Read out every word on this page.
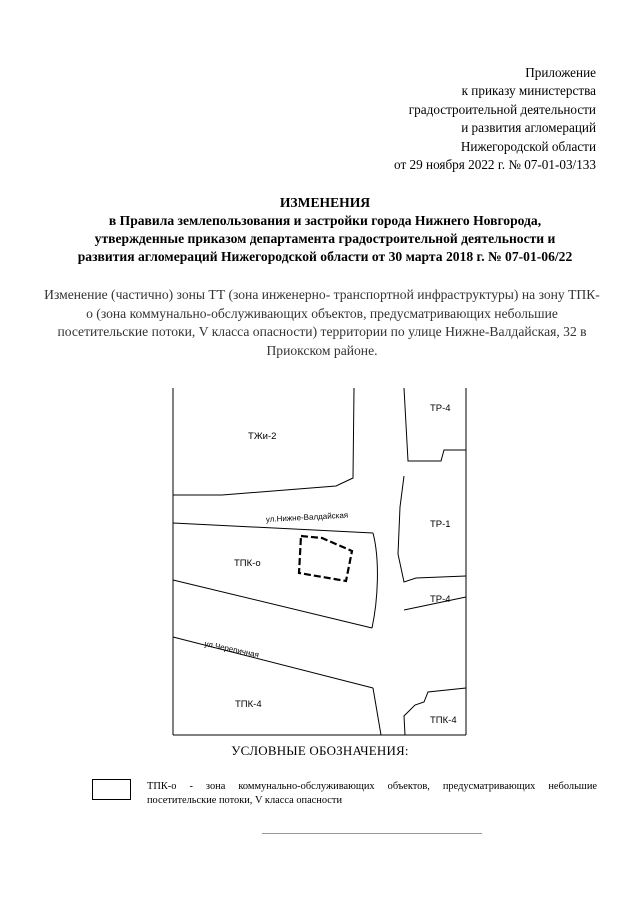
Приложение
к приказу министерства
градостроительной деятельности
и развития агломераций
Нижегородской области
от 29 ноября 2022 г. № 07-01-03/133
ИЗМЕНЕНИЯ
в Правила землепользования и застройки города Нижнего Новгорода,
утвержденные приказом департамента градостроительной деятельности и
развития агломераций Нижегородской области от 30 марта 2018 г. № 07-01-06/22
Изменение (частично) зоны ТТ (зона инженерно- транспортной инфраструктуры) на зону ТПК-о (зона коммунально-обслуживающих объектов, предусматривающих небольшие посетительские потоки, V класса опасности) территории по улице Нижне-Валдайская, 32 в Приокском районе.
ТЖи-2
ТР-4
ТР-1
ТР-4
ТПК-о
ТПК-4
ТПК-4
ул.Нижне-Валдайская
ул.Черепичная
УСЛОВНЫЕ ОБОЗНАЧЕНИЯ:
ТПК-о - зона коммунально-обслуживающих объектов, предусматривающих небольшие посетительские потоки, V класса опасности
